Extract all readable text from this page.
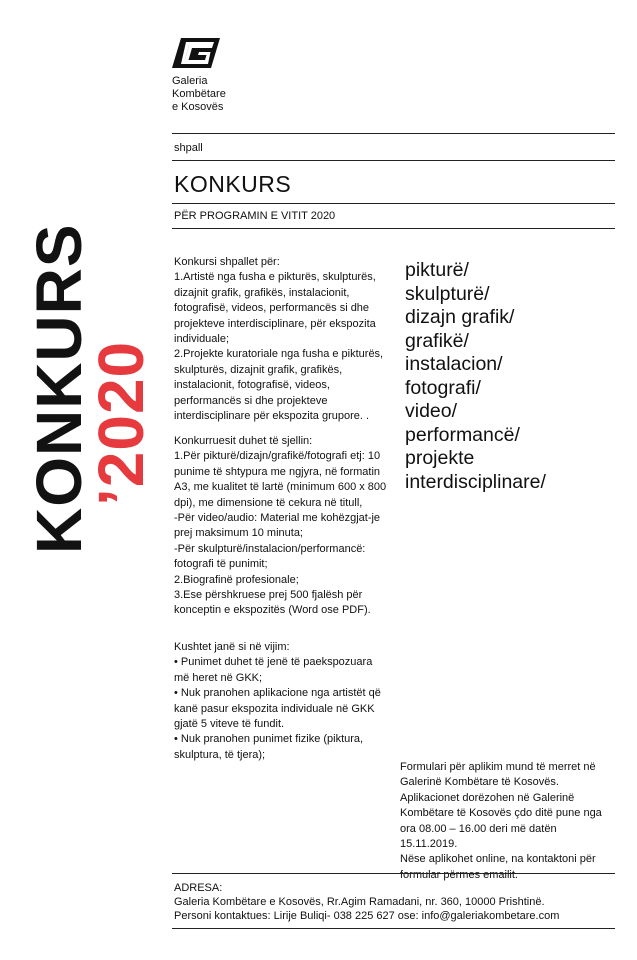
Galeria
Kombëtare
e Kosovës
shpall
KONKURS
PËR PROGRAMIN E VITIT 2020
KONKURS
’2020
Konkursi shpallet për:
1.Artistë nga fusha e pikturës, skulpturës, dizajnit grafik, grafikës, instalacionit, fotografisë, videos, performancës si dhe projekteve interdisciplinare, për ekspozita individuale;
2.Projekte kuratoriale nga fusha e pikturës, skulpturës, dizajnit grafik, grafikës, instalacionit, fotografisë, videos, performancës si dhe projekteve interdisciplinare për ekspozita grupore. .
Konkurruesit duhet të sjellin:
1.Për pikturë/dizajn/grafikë/fotografi etj: 10 punime të shtypura me ngjyra, në formatin A3, me kualitet të lartë (minimum 600 x 800 dpi), me dimensione të cekura në titull,
-Për video/audio: Material me kohëzgjat-je prej maksimum 10 minuta;
-Për skulpturë/instalacion/performancë: fotografi të punimit;
2.Biografinë profesionale;
3.Ese përshkruese prej 500 fjalësh për konceptin e ekspozitës (Word ose PDF).
Kushtet janë si në vijim:
• Punimet duhet të jenë të paekspozuara më heret në GKK;
• Nuk pranohen aplikacione nga artistët që kanë pasur ekspozita individuale në GKK gjatë 5 viteve të fundit.
• Nuk pranohen punimet fizike (piktura, skulptura, të tjera);
pikturë/
skulpturë/
dizajn grafik/
grafikë/
instalacion/
fotografi/
video/
performancë/
projekte
interdisciplinare/
Formulari për aplikim mund të merret në Galerinë Kombëtare të Kosovës.
Aplikacionet dorëzohen në Galerinë Kombëtare të Kosovës çdo ditë pune nga ora 08.00 – 16.00 deri më datën 15.11.2019.
Nëse aplikohet online, na kontaktoni për formular përmes emailit.
ADRESA:
Galeria Kombëtare e Kosovës, Rr.Agim Ramadani, nr. 360, 10000 Prishtinë.
Personi kontaktues: Lirije Buliqi- 038 225 627 ose: info@galeriakombetare.com
